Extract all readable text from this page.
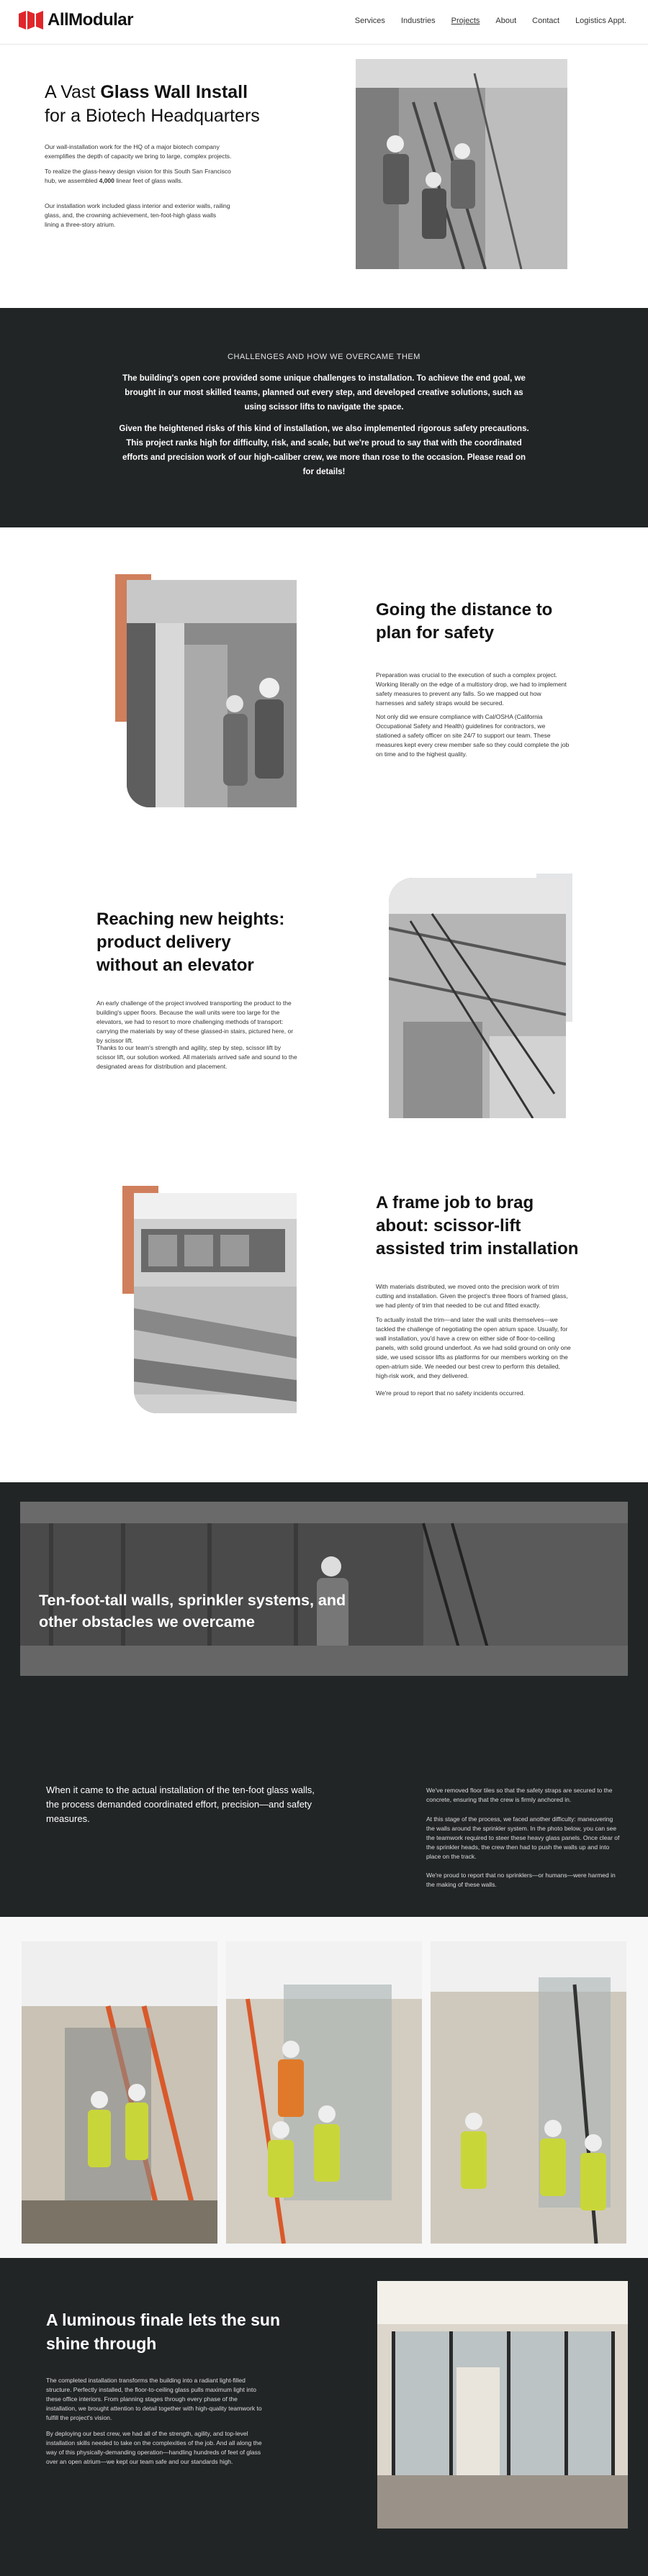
AllModular	Services Industries Projects About Contact Logistics Appt.
A Vast Glass Wall Install
for a Biotech Headquarters

Our wall-installation work for the HQ of a major biotech company exemplifies the depth of capacity we bring to large, complex projects.

To realize the glass-heavy design vision for this South San Francisco hub, we assembled 4,000 linear feet of glass walls.

Our installation work included glass interior and exterior walls, railing glass, and, the crowning achievement, ten-foot-high glass walls lining a three-story atrium.

CHALLENGES AND HOW WE OVERCAME THEM

The building's open core provided some unique challenges to installation. To achieve the end goal, we brought in our most skilled teams, planned out every step, and developed creative solutions, such as using scissor lifts to navigate the space.

Given the heightened risks of this kind of installation, we also implemented rigorous safety precautions. This project ranks high for difficulty, risk, and scale, but we're proud to say that with the coordinated efforts and precision work of our high-caliber crew, we more than rose to the occasion. Please read on for details!

Going the distance to plan for safety

Preparation was crucial to the execution of such a complex project. Working literally on the edge of a multistory drop, we had to implement safety measures to prevent any falls. So we mapped out how harnesses and safety straps would be secured.

Not only did we ensure compliance with Cal/OSHA (California Occupational Safety and Health) guidelines for contractors, we stationed a safety officer on site 24/7 to support our team. These measures kept every crew member safe so they could complete the job on time and to the highest quality.

Reaching new heights: product delivery
without an elevator

An early challenge of the project involved transporting the product to the building's upper floors. Because the wall units were too large for the elevators, we had to resort to more challenging methods of transport: carrying the materials by way of these glassed-in stairs, pictured here, or by scissor lift.

Thanks to our team's strength and agility, step by step, scissor lift by scissor lift, our solution worked. All materials arrived safe and sound to the designated areas for distribution and placement.

A frame job to brag about: scissor-lift assisted trim installation

With materials distributed, we moved onto the precision work of trim cutting and installation. Given the project's three floors of framed glass, we had plenty of trim that needed to be cut and fitted exactly.

To actually install the trim—and later the wall units themselves—we tackled the challenge of negotiating the open atrium space. Usually, for wall installation, you'd have a crew on either side of floor-to-ceiling panels, with solid ground underfoot. As we had solid ground on only one side, we used scissor lifts as platforms for our members working on the open-atrium side. We needed our best crew to perform this detailed, high-risk work, and they delivered.

We're proud to report that no safety incidents occurred.

Ten-foot-tall walls, sprinkler systems, and other obstacles we overcame

When it came to the actual installation of the ten-foot glass walls, the process demanded coordinated effort, precision—and safety measures.

We've removed floor tiles so that the safety straps are secured to the concrete, ensuring that the crew is firmly anchored in.

At this stage of the process, we faced another difficulty: maneuvering the walls around the sprinkler system. In the photo below, you can see the teamwork required to steer these heavy glass panels. Once clear of the sprinkler heads, the crew then had to push the walls up and into place on the track.

We're proud to report that no sprinklers—or humans—were harmed in the making of these walls.

A luminous finale lets the sun shine through

The completed installation transforms the building into a radiant light-filled structure. Perfectly installed, the floor-to-ceiling glass pulls maximum light into these office interiors. From planning stages through every phase of the installation, we brought attention to detail together with high-quality teamwork to fulfill the project's vision.

By deploying our best crew, we had all of the strength, agility, and top-level installation skills needed to take on the complexities of the job. And all along the way of this physically-demanding operation—handling hundreds of feet of glass over an open atrium—we kept our team safe and our standards high.
